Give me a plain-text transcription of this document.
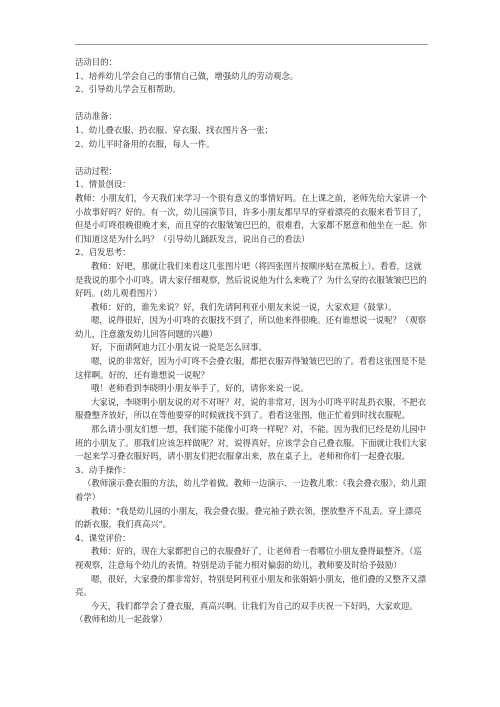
活动目的：

1、培养幼儿学会自己的事情自己做，增强幼儿的劳动观念。

2、引导幼儿学会互相帮助。

活动准备：

1、幼儿叠衣服、扔衣服、穿衣服、找衣图片各一张；

2、幼儿平时备用的衣服，每人一件。

活动过程：

1、情景创设：

教师：小朋友们，今天我们来学习一个很有意义的事情好吗。在上课之前，老师先给大家讲一个小故事好吗？好的。有一次，幼儿园演节目，许多小朋友都早早的穿着漂亮的衣服来看节目了，但是小叮咚很晚很晚才来，而且穿的衣服皱皱巴巴的，很难看，大家都不愿意和他坐在一起。你们知道这是为什么吗？（引导幼儿踊跃发言，说出自己的看法）

2、启发思考：

教师：好吧，那就让我们来看这几张图片吧（将四张图片按顺序贴在黑板上）。看看，这就是我说的那个小叮咚。请大家仔细观察，然后说说他为什么来晚了？为什么穿的衣服皱皱巴巴的好吗。(幼儿观看图片）

教师：好的，谁先来说？好，我们先请阿利亚小朋友来说一说，大家欢迎（鼓掌）。

嗯，说得很好，因为小叮咚的衣服找不到了，所以他来得很晚。还有谁想说一说呢？（观察幼儿，注意激发幼儿回答问题的兴趣）

好，下面请阿迪力江小朋友说一说是怎么回事。

嗯，说的非常好，因为小叮咚不会叠衣服，都把衣服弄得皱皱巴巴的了。看看这张图是不是这样啊。好的，还有谁想说一说呢？

哦！老师看到李晓明小朋友举手了，好的，请你来说一说。

大家说，李晓明小朋友说的对不对呀？对，说的非常对，因为小叮咚平时乱扔衣服，不把衣服叠整齐放好，所以在等他要穿的时候就找不到了。看看这张图，他正忙着到时找衣服呢。

那么请小朋友们想一想，我们能不能像小叮咚一样呢？对，不能。因为我们已经是幼儿园中班的小朋友了。那我们应该怎样做呢？对，说得真好，应该学会自己叠衣服。下面就让我们大家一起来学习叠衣服好吗，请小朋友们把衣服拿出来，放在桌子上，老师和你们一起叠衣服。

3、动手操作：

（教师演示叠衣服的方法，幼儿学着做。教师一边演示、一边教儿歌：《我会叠衣服》，幼儿跟着学）

教师："我是幼儿园的小朋友，我会叠衣服。叠完袖子跌衣领，摆放整齐不乱丢。穿上漂亮的新衣服，我们真高兴"。

4、课堂评价：

教师：好的，现在大家都把自己的衣服叠好了，让老师看一看哪位小朋友叠得最整齐。（巡视观察，注意每个幼儿的表情。特别是动手能力相对偏弱的幼儿，教师要及时给予鼓励）

嗯，很好，大家叠的都非常好，特别是阿利亚小朋友和张娟娟小朋友，他们叠的又整齐又漂亮。

今天，我们都学会了叠衣服，真高兴啊。让我们为自己的双手庆祝一下好吗，大家欢迎。（教师和幼儿一起鼓掌）
